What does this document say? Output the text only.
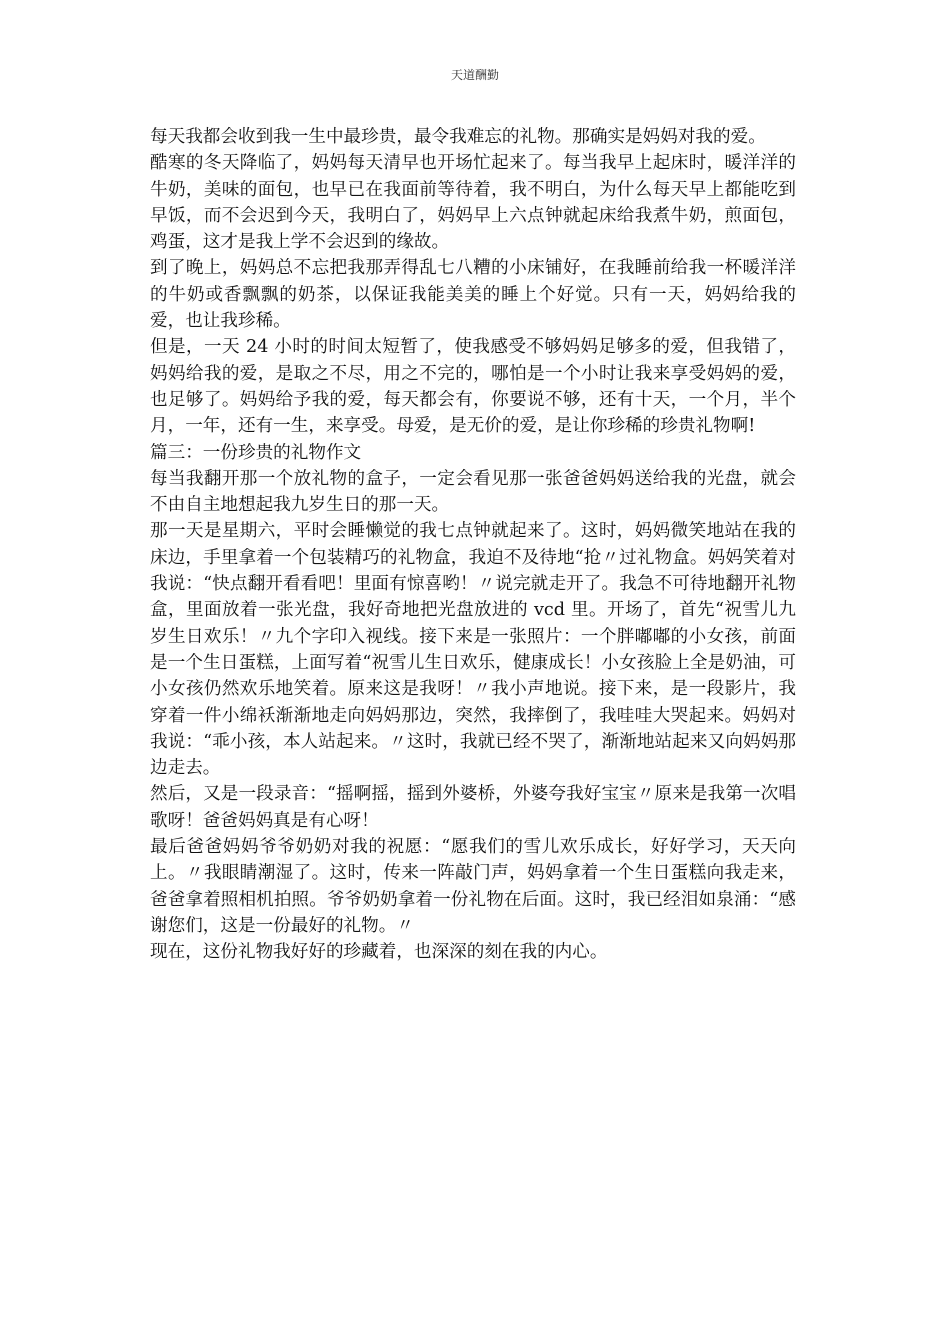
天道酬勤

每天我都会收到我一生中最珍贵，最令我难忘的礼物。那确实是妈妈对我的爱。

酷寒的冬天降临了，妈妈每天清早也开场忙起来了。每当我早上起床时，暖洋洋的牛奶，美味的面包，也早已在我面前等待着，我不明白，为什么每天早上都能吃到早饭，而不会迟到今天，我明白了，妈妈早上六点钟就起床给我煮牛奶，煎面包，鸡蛋，这才是我上学不会迟到的缘故。

到了晚上，妈妈总不忘把我那弄得乱七八糟的小床铺好，在我睡前给我一杯暖洋洋的牛奶或香飘飘的奶茶，以保证我能美美的睡上个好觉。只有一天，妈妈给我的爱，也让我珍稀。

但是，一天 24 小时的时间太短暂了，使我感受不够妈妈足够多的爱，但我错了，妈妈给我的爱，是取之不尽，用之不完的，哪怕是一个小时让我来享受妈妈的爱，也足够了。妈妈给予我的爱，每天都会有，你要说不够，还有十天，一个月，半个月，一年，还有一生，来享受。母爱，是无价的爱，是让你珍稀的珍贵礼物啊!

篇三：一份珍贵的礼物作文

每当我翻开那一个放礼物的盒子，一定会看见那一张爸爸妈妈送给我的光盘，就会不由自主地想起我九岁生日的那一天。

那一天是星期六，平时会睡懒觉的我七点钟就起来了。这时，妈妈微笑地站在我的床边，手里拿着一个包装精巧的礼物盒，我迫不及待地“抢〃过礼物盒。妈妈笑着对我说：“快点翻开看看吧！里面有惊喜哟！〃说完就走开了。我急不可待地翻开礼物盒，里面放着一张光盘，我好奇地把光盘放进的 vcd 里。开场了，首先“祝雪儿九岁生日欢乐！〃九个字印入视线。接下来是一张照片：一个胖嘟嘟的小女孩，前面是一个生日蛋糕，上面写着“祝雪儿生日欢乐，健康成长！小女孩脸上全是奶油，可小女孩仍然欢乐地笑着。原来这是我呀！〃我小声地说。接下来，是一段影片，我穿着一件小绵袄渐渐地走向妈妈那边，突然，我摔倒了，我哇哇大哭起来。妈妈对我说：“乖小孩，本人站起来。〃这时，我就已经不哭了，渐渐地站起来又向妈妈那边走去。

然后，又是一段录音：“摇啊摇，摇到外婆桥，外婆夸我好宝宝〃原来是我第一次唱歌呀！爸爸妈妈真是有心呀！

最后爸爸妈妈爷爷奶奶对我的祝愿：“愿我们的雪儿欢乐成长，好好学习，天天向上。〃我眼睛潮湿了。这时，传来一阵敲门声，妈妈拿着一个生日蛋糕向我走来，爸爸拿着照相机拍照。爷爷奶奶拿着一份礼物在后面。这时，我已经泪如泉涌：“感谢您们，这是一份最好的礼物。〃

现在，这份礼物我好好的珍藏着，也深深的刻在我的内心。
